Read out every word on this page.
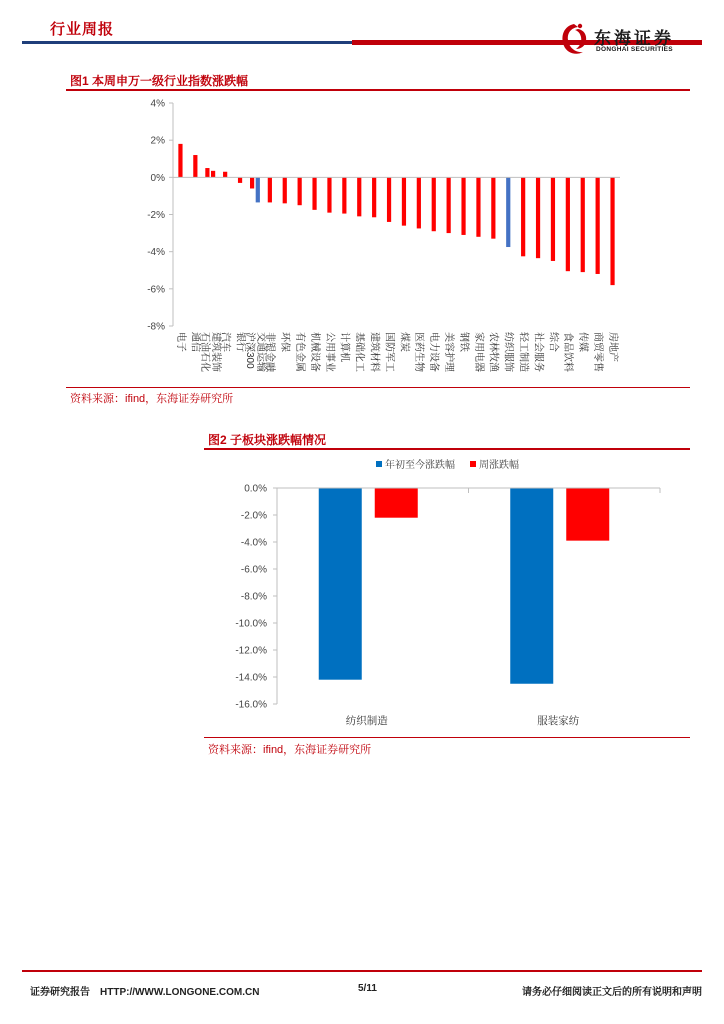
行业周报	东海证券
DONGHAI SECURITIES
图1 本周申万一级行业指数涨跌幅
4%
2%
0%
-2%
-4%
-6%
-8%
电子 通信 建筑装饰
石油石化 汽车 银行 交通运输
沪深300 非银金融 环保 有色金属 机械设备 公用事业 计算机 基础化工 建筑材料 国防军工 煤炭 医药生物 电力设备 美容护理 钢铁 家用电器 农林牧渔 纺织服饰 轻工制造 社会服务 综合 食品饮料 传媒 商贸零售 房地产
资料来源：ifind，东海证券研究所
图2 子板块涨跌幅情况
年初至今涨跌幅 周涨跌幅
0.0%
-2.0%
-4.0%
-6.0%
-8.0%
-10.0%
-12.0%
-14.0%
-16.0%
纺织制造	服装家纺
资料来源：ifind，东海证券研究所
证券研究报告　HTTP://WWW.LONGONE.COM.CN	5/11	请务必仔细阅读正文后的所有说明和声明
